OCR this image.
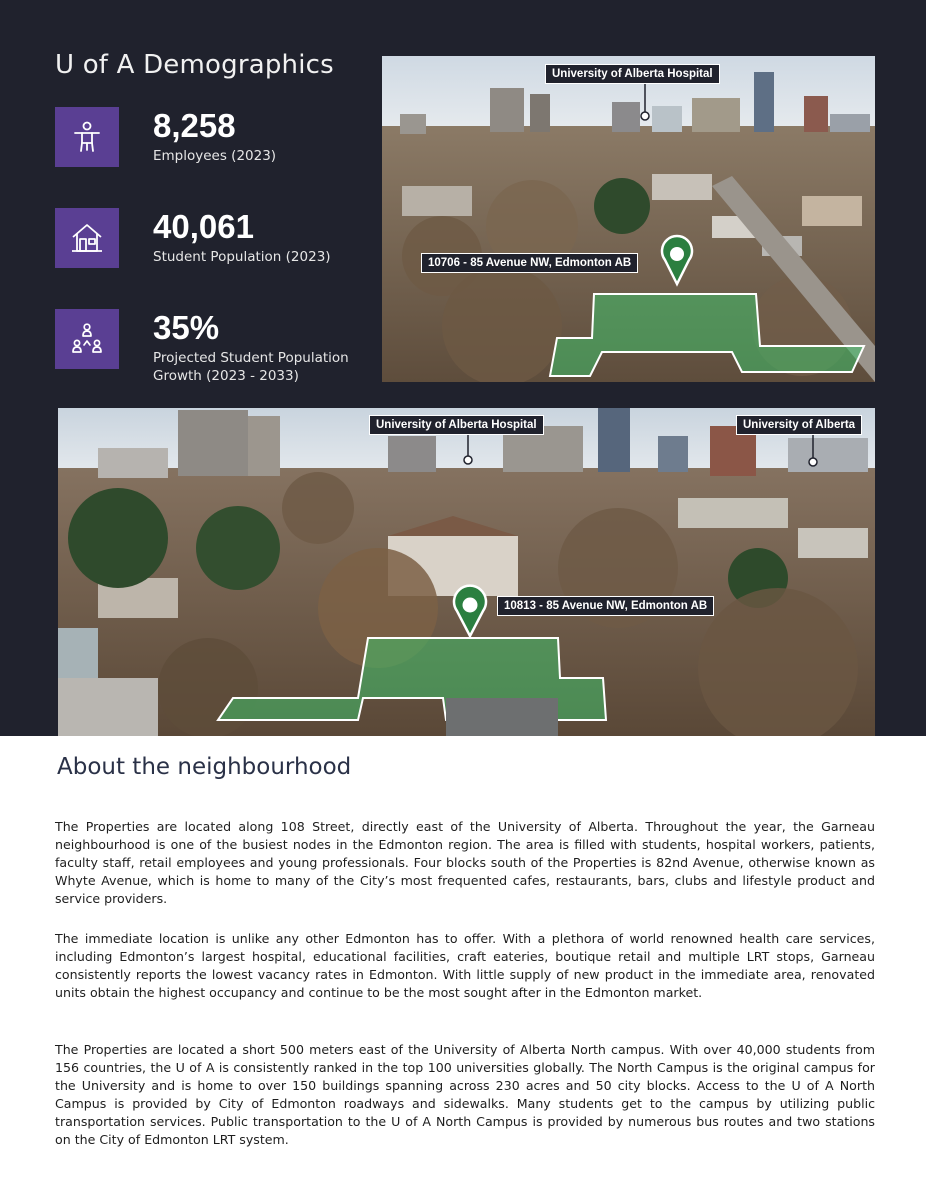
U of A Demographics
8,258
Employees (2023)
40,061
Student Population (2023)
35%
Projected Student Population Growth (2023 - 2033)
University of Alberta Hospital
10706 - 85 Avenue NW, Edmonton AB
University of Alberta Hospital	University of Alberta
10813 - 85 Avenue NW, Edmonton AB
About the neighbourhood

The Properties are located along 108 Street, directly east of the University of Alberta. Throughout the year, the Garneau neighbourhood is one of the busiest nodes in the Edmonton region. The area is filled with students, hospital workers, patients, faculty staff, retail employees and young professionals. Four blocks south of the Properties is 82nd Avenue, otherwise known as Whyte Avenue, which is home to many of the City’s most frequented cafes, restaurants, bars, clubs and lifestyle product and service providers.

The immediate location is unlike any other Edmonton has to offer. With a plethora of world renowned health care services, including Edmonton’s largest hospital, educational facilities, craft eateries, boutique retail and multiple LRT stops, Garneau consistently reports the lowest vacancy rates in Edmonton. With little supply of new product in the immediate area, renovated units obtain the highest occupancy and continue to be the most sought after in the Edmonton market.

The Properties are located a short 500 meters east of the University of Alberta North campus. With over 40,000 students from 156 countries, the U of A is consistently ranked in the top 100 universities globally. The North Campus is the original campus for the University and is home to over 150 buildings spanning across 230 acres and 50 city blocks. Access to the U of A North Campus is provided by City of Edmonton roadways and sidewalks. Many students get to the campus by utilizing public transportation services. Public transportation to the U of A North Campus is provided by numerous bus routes and two stations on the City of Edmonton LRT system.
